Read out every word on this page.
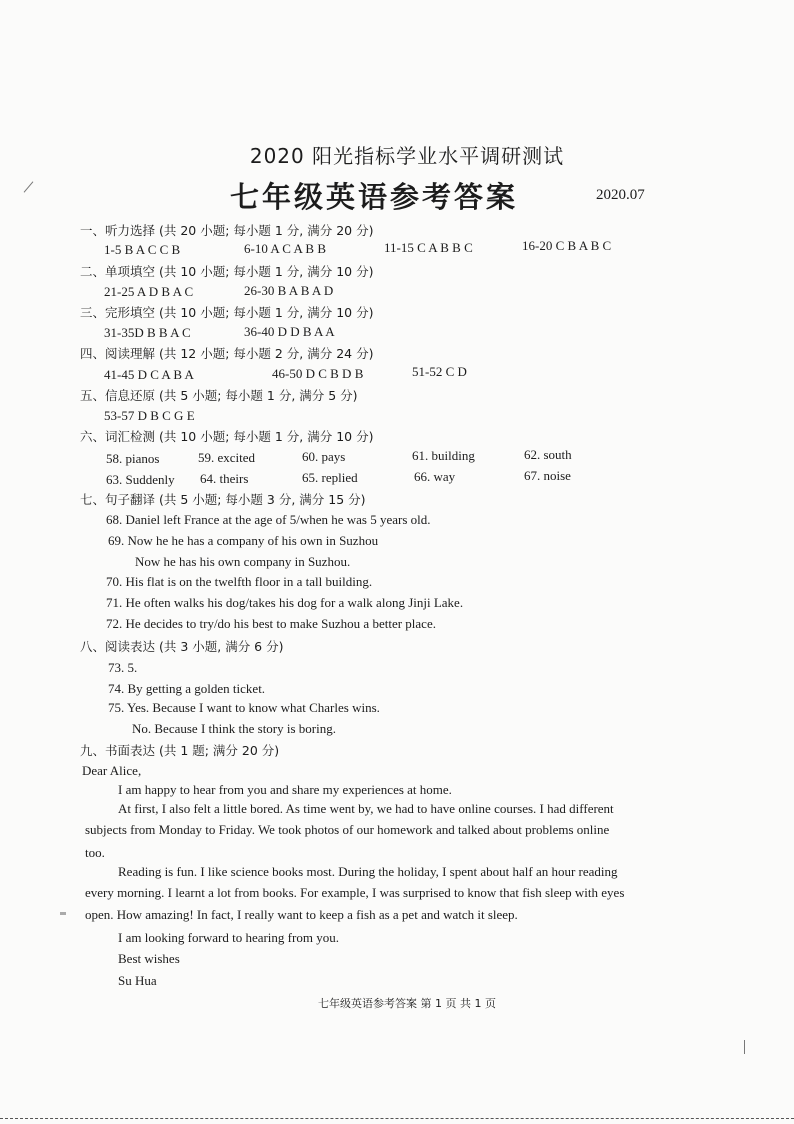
2020 阳光指标学业水平调研测试
七年级英语参考答案	2020.07
一、听力选择 (共 20 小题; 每小题 1 分, 满分 20 分)
1-5 B A C C B	6-10 A C A B B	11-15 C A B B C	16-20 C B A B C
二、单项填空 (共 10 小题; 每小题 1 分, 满分 10 分)
21-25 A D B A C	26-30 B A B A D
三、完形填空 (共 10 小题; 每小题 1 分, 满分 10 分)
31-35D B B A C	36-40 D D B A A
四、阅读理解 (共 12 小题; 每小题 2 分, 满分 24 分)
41-45 D C A B A	46-50 D C B D B	51-52 C D
五、信息还原 (共 5 小题; 每小题 1 分, 满分 5 分)
53-57 D B C G E
六、词汇检测 (共 10 小题; 每小题 1 分, 满分 10 分)
58. pianos	59. excited	60. pays	61. building	62. south
63. Suddenly 64. theirs	65. replied	66. way	67. noise
七、句子翻译 (共 5 小题; 每小题 3 分, 满分 15 分)
68. Daniel left France at the age of 5/when he was 5 years old.
69. Now he he has a company of his own in Suzhou
Now he has his own company in Suzhou.
70. His flat is on the twelfth floor in a tall building.
71. He often walks his dog/takes his dog for a walk along Jinji Lake.
72. He decides to try/do his best to make Suzhou a better place.
八、阅读表达 (共 3 小题, 满分 6 分)
73. 5.
74. By getting a golden ticket.
75. Yes. Because I want to know what Charles wins.
No. Because I think the story is boring.
九、书面表达 (共 1 题; 满分 20 分)
Dear Alice,
I am happy to hear from you and share my experiences at home.
At first, I also felt a little bored. As time went by, we had to have online courses. I had different
subjects from Monday to Friday. We took photos of our homework and talked about problems online
too.
Reading is fun. I like science books most. During the holiday, I spent about half an hour reading
every morning. I learnt a lot from books. For example, I was surprised to know that fish sleep with eyes
open. How amazing! In fact, I really want to keep a fish as a pet and watch it sleep.
I am looking forward to hearing from you.
Best wishes
Su Hua
七年级英语参考答案 第 1 页 共 1 页
